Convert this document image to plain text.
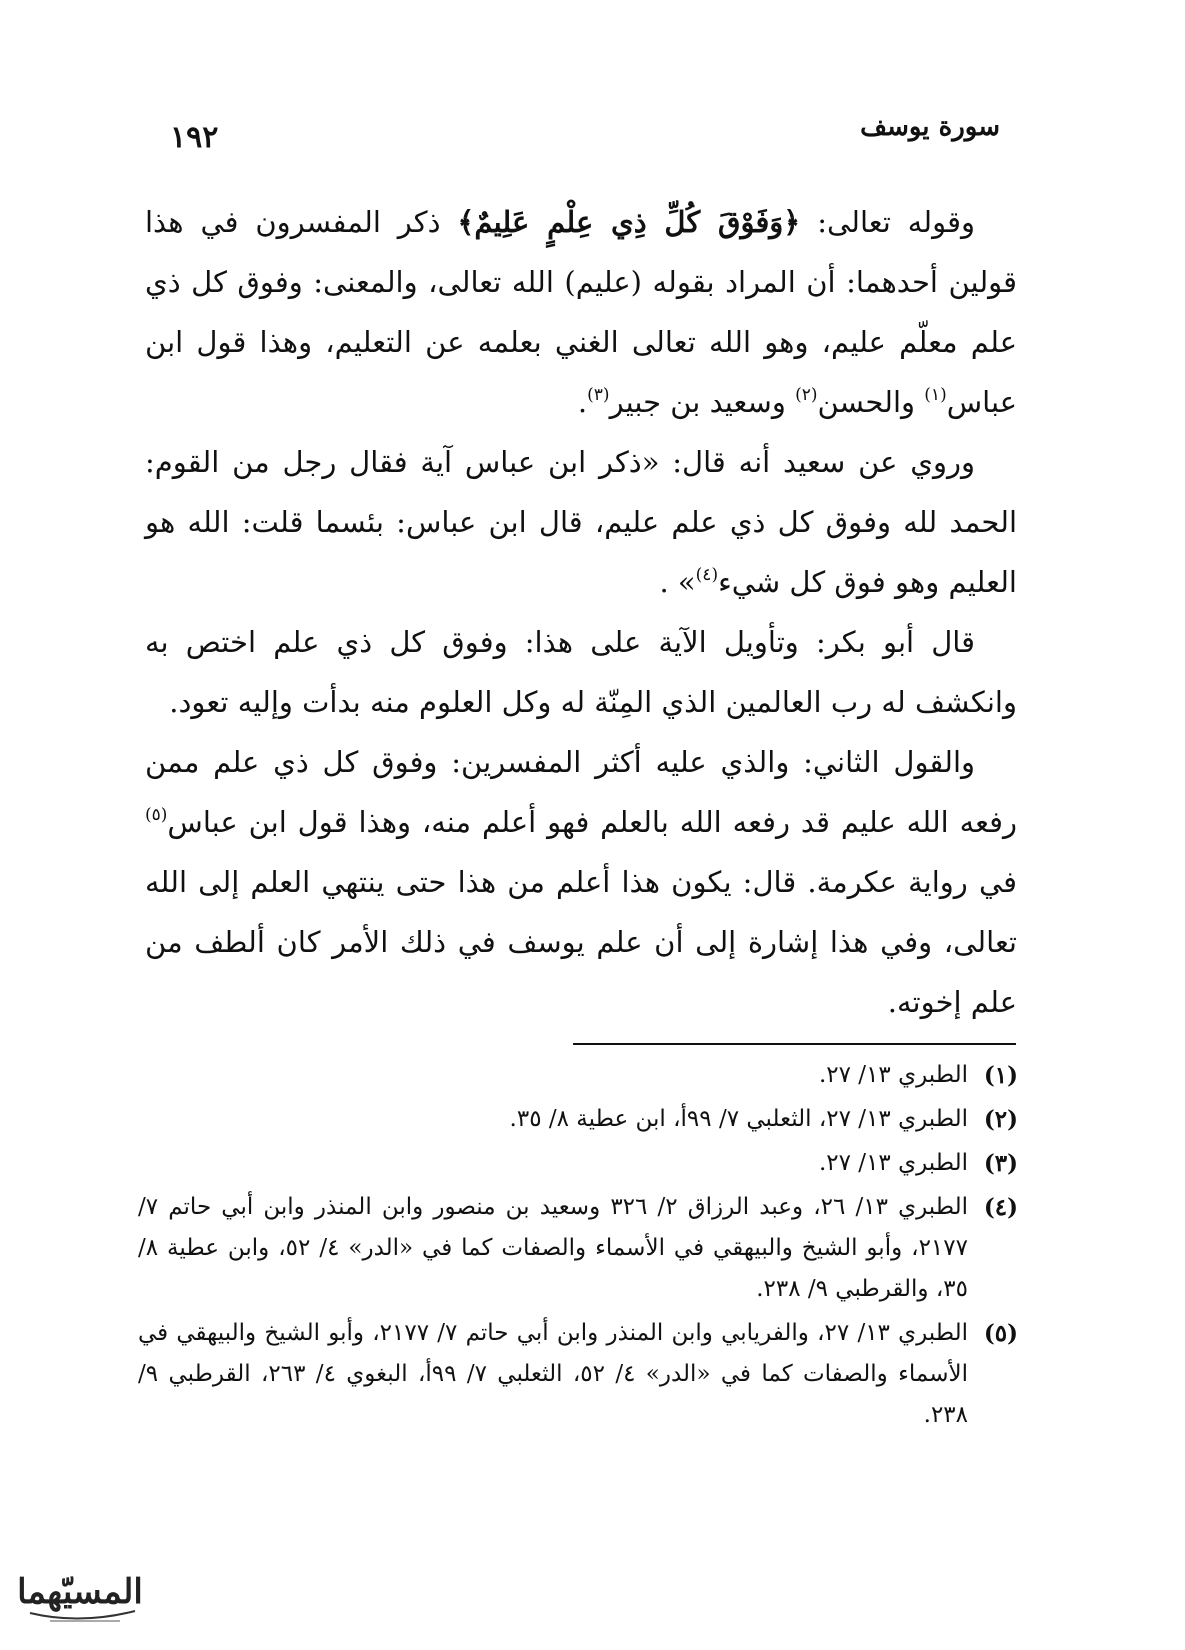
١٩٢	سورة يوسف

وقوله تعالى: ﴿وَفَوْقَ كُلِّ ذِي عِلْمٍ عَلِيمٌ﴾ ذكر المفسرون في هذا قولين أحدهما: أن المراد بقوله (عليم) الله تعالى، والمعنى: وفوق كل ذي علم معلّم عليم، وهو الله تعالى الغني بعلمه عن التعليم، وهذا قول ابن عباس$^{(١)}$ والحسن$^{(٢)}$ وسعيد بن جبير$^{(٣)}$.

وروي عن سعيد أنه قال: «ذكر ابن عباس آية فقال رجل من القوم: الحمد لله وفوق كل ذي علم عليم، قال ابن عباس: بئسما قلت: الله هو العليم وهو فوق كل شيء$^{(٤)}$» .

قال أبو بكر: وتأويل الآية على هذا: وفوق كل ذي علم اختص به وانكشف له رب العالمين الذي المِنّة له وكل العلوم منه بدأت وإليه تعود.

والقول الثاني: والذي عليه أكثر المفسرين: وفوق كل ذي علم ممن رفعه الله عليم قد رفعه الله بالعلم فهو أعلم منه، وهذا قول ابن عباس$^{(٥)}$ في رواية عكرمة. قال: يكون هذا أعلم من هذا حتى ينتهي العلم إلى الله تعالى، وفي هذا إشارة إلى أن علم يوسف في ذلك الأمر كان ألطف من علم إخوته.

(١)
الطبري ١٣/ ٢٧.
(٢)
الطبري ١٣/ ٢٧، الثعلبي ٧/ ٩٩أ، ابن عطية ٨/ ٣٥.
(٣)
الطبري ١٣/ ٢٧.
(٤)
الطبري ١٣/ ٢٦، وعبد الرزاق ٢/ ٣٢٦ وسعيد بن منصور وابن المنذر وابن أبي حاتم ٧/ ٢١٧٧، وأبو الشيخ والبيهقي في الأسماء والصفات كما في «الدر» ٤/ ٥٢، وابن عطية ٨/ ٣٥، والقرطبي ٩/ ٢٣٨.
(٥)
الطبري ١٣/ ٢٧، والفريابي وابن المنذر وابن أبي حاتم ٧/ ٢١٧٧، وأبو الشيخ والبيهقي في الأسماء والصفات كما في «الدر» ٤/ ٥٢، الثعلبي ٧/ ٩٩أ، البغوي ٤/ ٢٦٣، القرطبي ٩/ ٢٣٨.
المسيّهما
